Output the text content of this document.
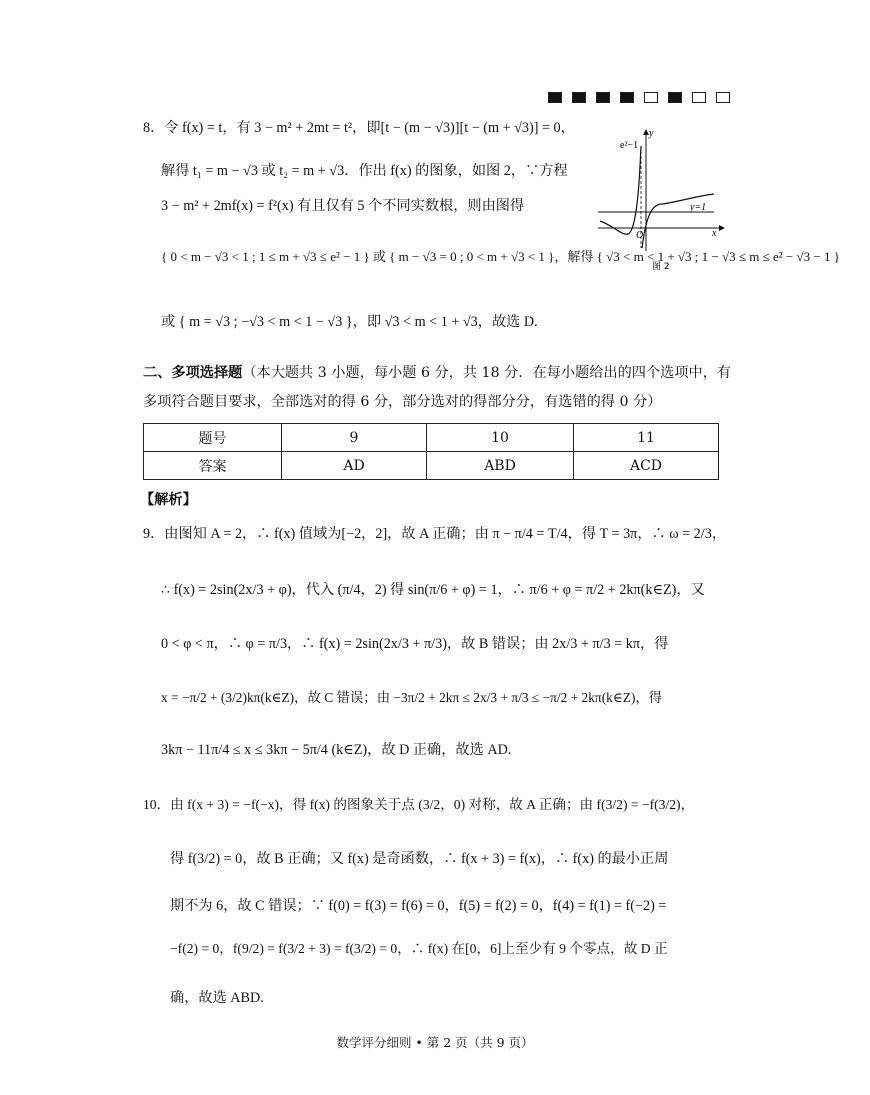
8．令 f(x) = t，有 3 − m² + 2mt = t²，即[t − (m − √3)][t − (m + √3)] = 0，
解得 t₁ = m − √3 或 t₂ = m + √3．作出 f(x) 的图象，如图 2，∵方程
3 − m² + 2mf(x) = f²(x) 有且仅有 5 个不同实数根，则由图得
{ 0 < m − √3 < 1 ; 1 ≤ m + √3 ≤ e² − 1 } 或 { m − √3 = 0 ; 0 < m + √3 < 1 }，解得 { √3 < m < 1 + √3 ; 1 − √3 ≤ m ≤ e² − √3 − 1 }
或 { m = √3 ; −√3 < m < 1 − √3 }，即 √3 < m < 1 + √3，故选 D.
e²−1
y
x
O
y=1
图 2
二、多项选择题（本大题共 3 小题，每小题 6 分，共 18 分．在每小题给出的四个选项中，有
多项符合题目要求，全部选对的得 6 分，部分选对的得部分分，有选错的得 0 分）
题号	9	10	11
答案	AD	ABD	ACD
【解析】
9．由图知 A = 2，∴ f(x) 值域为[−2，2]，故 A 正确；由 π − π/4 = T/4，得 T = 3π，∴ ω = 2/3，
∴ f(x) = 2sin(2x/3 + φ)，代入 (π/4，2) 得 sin(π/6 + φ) = 1，∴ π/6 + φ = π/2 + 2kπ(k∈Z)，又
0 < φ < π，∴ φ = π/3，∴ f(x) = 2sin(2x/3 + π/3)，故 B 错误；由 2x/3 + π/3 = kπ，得
x = −π/2 + (3/2)kπ(k∈Z)，故 C 错误；由 −3π/2 + 2kπ ≤ 2x/3 + π/3 ≤ −π/2 + 2kπ(k∈Z)，得
3kπ − 11π/4 ≤ x ≤ 3kπ − 5π/4 (k∈Z)，故 D 正确，故选 AD.
10．由 f(x + 3) = −f(−x)，得 f(x) 的图象关于点 (3/2，0) 对称，故 A 正确；由 f(3/2) = −f(3/2)，
得 f(3/2) = 0，故 B 正确；又 f(x) 是奇函数，∴ f(x + 3) = f(x)，∴ f(x) 的最小正周
期不为 6，故 C 错误；∵ f(0) = f(3) = f(6) = 0，f(5) = f(2) = 0，f(4) = f(1) = f(−2) =
−f(2) = 0，f(9/2) = f(3/2 + 3) = f(3/2) = 0，∴ f(x) 在[0，6]上至少有 9 个零点，故 D 正
确，故选 ABD.
数学评分细则 • 第 2 页（共 9 页）
